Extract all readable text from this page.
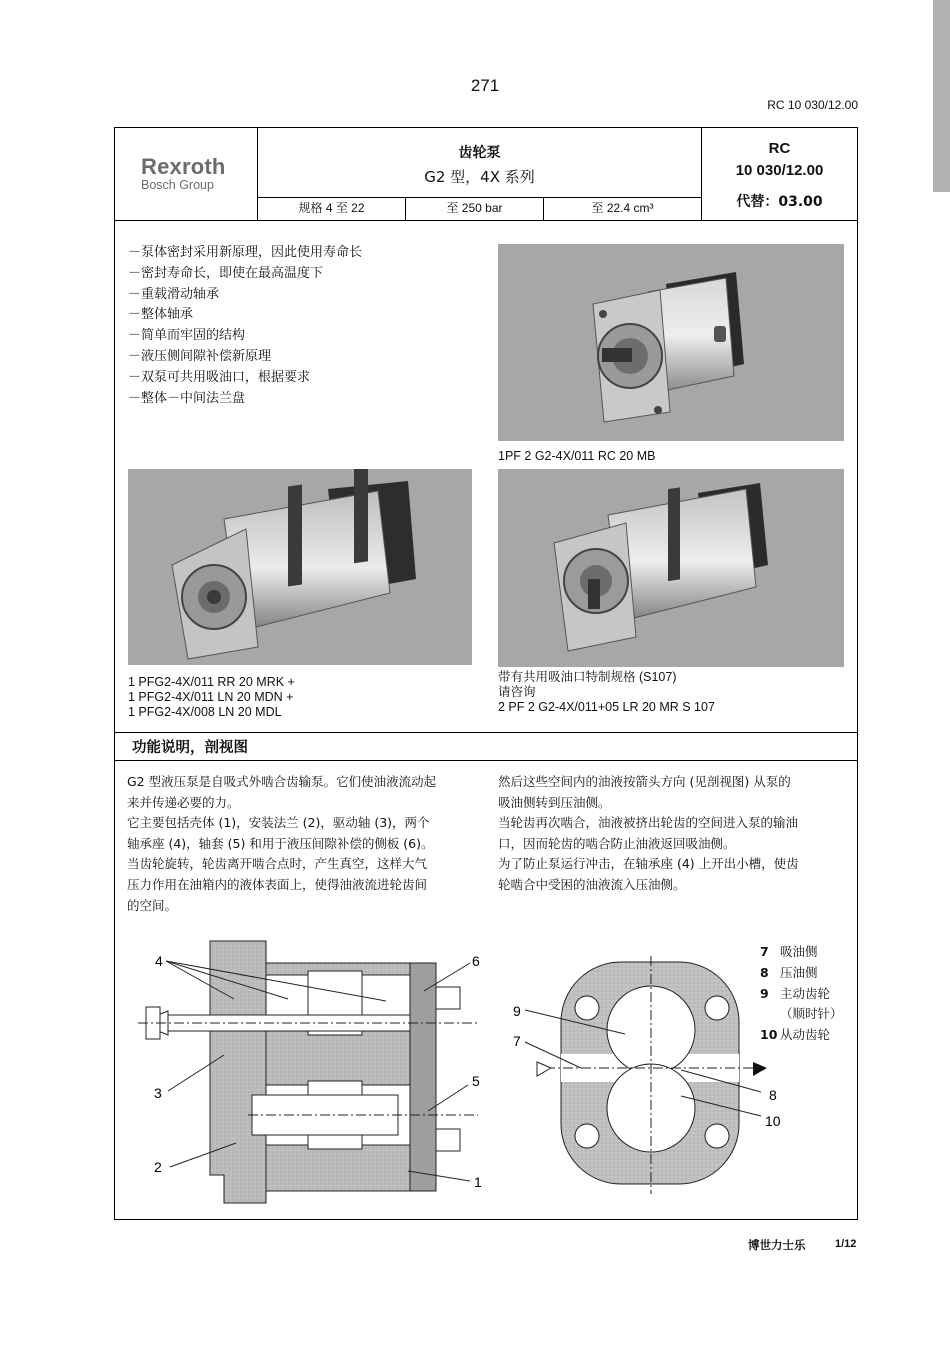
271
RC 10 030/12.00
Rexroth
Bosch Group
齿轮泵
G2 型，4X 系列
规格 4 至 22	至 250 bar	至 22.4 cm³
RC
10 030/12.00
代替：03.00
－泵体密封采用新原理，因此使用寿命长
－密封寿命长，即使在最高温度下
－重载滑动轴承
－整体轴承
－简单而牢固的结构
－液压侧间隙补偿新原理
－双泵可共用吸油口，根据要求
－整体－中间法兰盘
1PF 2 G2-4X/011 RC 20 MB
1 PFG2-4X/011 RR 20 MRK +
1 PFG2-4X/011 LN 20 MDN +
1 PFG2-4X/008 LN 20 MDL
带有共用吸油口特制规格 (S107)
请咨询
2 PF 2 G2-4X/011+05 LR 20 MR S 107
功能说明，剖视图
G2 型液压泵是自吸式外啮合齿输泵。它们使油液流动起
来并传递必要的力。
它主要包括壳体 (1)，安装法兰 (2)，驱动轴 (3)，两个
轴承座 (4)，轴套 (5) 和用于液压间隙补偿的侧板 (6)。
当齿轮旋转，轮齿离开啮合点时，产生真空，这样大气
压力作用在油箱内的液体表面上，使得油液流进轮齿间
的空间。
然后这些空间内的油液按箭头方向 (见剖视图) 从泵的
吸油侧转到压油侧。
当轮齿再次啮合，油液被挤出轮齿的空间进入泵的输油
口，因而轮齿的啮合防止油液返回吸油侧。
为了防止泵运行冲击，在轴承座 (4) 上开出小槽，使齿
轮啮合中受困的油液流入压油侧。
4	6
3
5
2
1
9
7
8
10
7 吸油侧
8 压油侧
9 主动齿轮
（顺时针）
10 从动齿轮
博世力士乐	1/12
